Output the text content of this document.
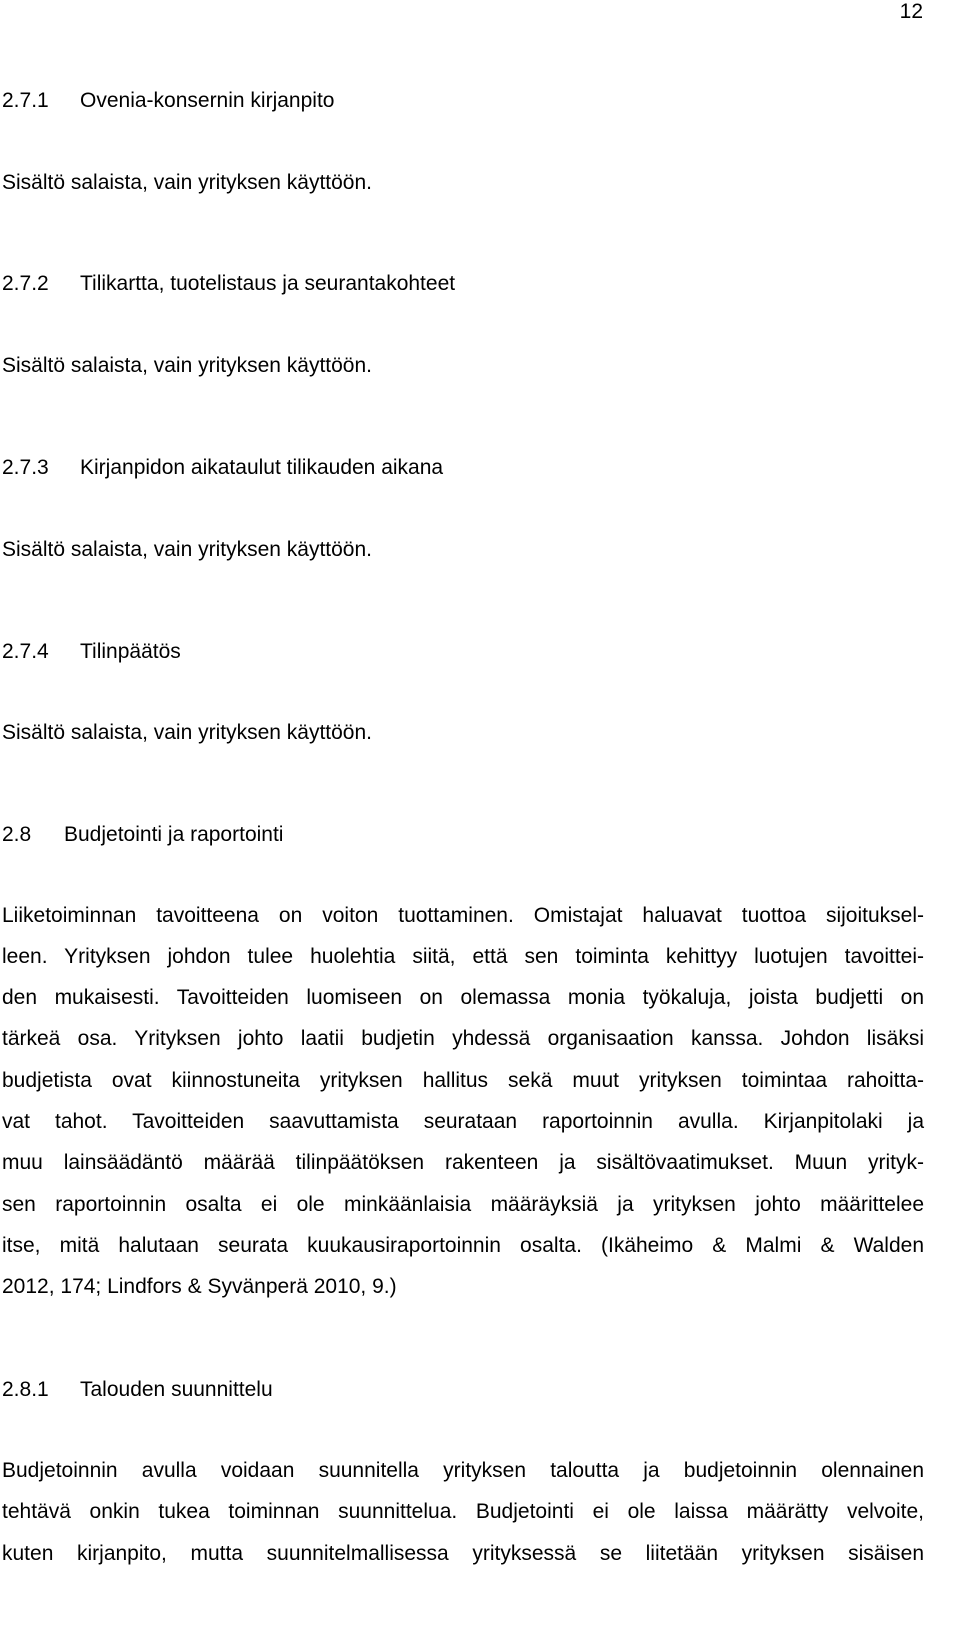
12
2.7.1 Ovenia-konsernin kirjanpito
Sisältö salaista, vain yrityksen käyttöön.
2.7.2 Tilikartta, tuotelistaus ja seurantakohteet
Sisältö salaista, vain yrityksen käyttöön.
2.7.3 Kirjanpidon aikataulut tilikauden aikana
Sisältö salaista, vain yrityksen käyttöön.
2.7.4 Tilinpäätös
Sisältö salaista, vain yrityksen käyttöön.
2.8 Budjetointi ja raportointi
Liiketoiminnan tavoitteena on voiton tuottaminen. Omistajat haluavat tuottoa sijoituksel-
leen. Yrityksen johdon tulee huolehtia siitä, että sen toiminta kehittyy luotujen tavoittei-
den mukaisesti. Tavoitteiden luomiseen on olemassa monia työkaluja, joista budjetti on
tärkeä osa. Yrityksen johto laatii budjetin yhdessä organisaation kanssa. Johdon lisäksi
budjetista ovat kiinnostuneita yrityksen hallitus sekä muut yrityksen toimintaa rahoitta-
vat tahot. Tavoitteiden saavuttamista seurataan raportoinnin avulla. Kirjanpitolaki ja
muu lainsäädäntö määrää tilinpäätöksen rakenteen ja sisältövaatimukset. Muun yrityk-
sen raportoinnin osalta ei ole minkäänlaisia määräyksiä ja yrityksen johto määrittelee
itse, mitä halutaan seurata kuukausiraportoinnin osalta. (Ikäheimo & Malmi & Walden
2012, 174; Lindfors & Syvänperä 2010, 9.)
2.8.1 Talouden suunnittelu
Budjetoinnin avulla voidaan suunnitella yrityksen taloutta ja budjetoinnin olennainen
tehtävä onkin tukea toiminnan suunnittelua. Budjetointi ei ole laissa määrätty velvoite,
kuten kirjanpito, mutta suunnitelmallisessa yrityksessä se liitetään yrityksen sisäisen
